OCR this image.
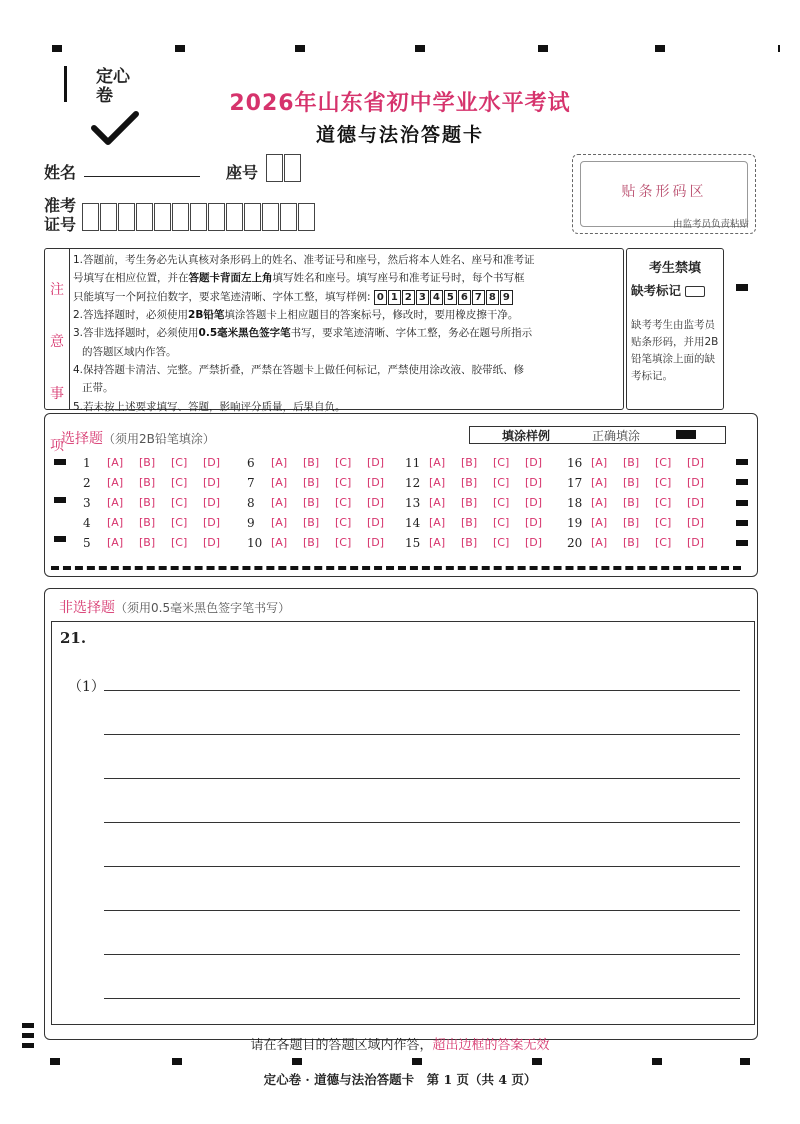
定心卷	2026年山东省初中学业水平考试
道德与法治答题卡
姓名	座号
准考
证号
贴条形码区
由监考员负责粘贴
注
意
事
项
1.答题前，考生务必先认真核对条形码上的姓名、准考证号和座号，然后将本人姓名、座号和准考证
号填写在相应位置，并在答题卡背面左上角填写姓名和座号。填写座号和准考证号时，每个书写框
只能填写一个阿拉伯数字，要求笔迹清晰、字体工整，填写样例: 0 1 2 3 4 5 6 7 8 9
2.答选择题时，必须使用2B铅笔填涂答题卡上相应题目的答案标号，修改时，要用橡皮擦干净。
3.答非选择题时，必须使用0.5毫米黑色签字笔书写，要求笔迹清晰、字体工整，务必在题号所指示
的答题区域内作答。
4.保持答题卡清洁、完整。严禁折叠，严禁在答题卡上做任何标记，严禁使用涂改液、胶带纸、修
正带。
5.若未按上述要求填写、答题，影响评分质量，后果自负。
考生禁填
缺考标记
缺考考生由监考员贴条形码，并用2B铅笔填涂上面的缺考标记。
选择题（须用2B铅笔填涂）	填涂样例	正确填涂
1	[A] [B] [C] [D]
2	[A] [B] [C] [D]
3	[A] [B] [C] [D]
4	[A] [B] [C] [D]
5	[A] [B] [C] [D]
6	[A] [B] [C] [D]
7	[A] [B] [C] [D]
8	[A] [B] [C] [D]
9	[A] [B] [C] [D]
10 [A] [B] [C] [D]
11 [A] [B] [C] [D]
12 [A] [B] [C] [D]
13 [A] [B] [C] [D]
14 [A] [B] [C] [D]
15 [A] [B] [C] [D]
16 [A] [B] [C] [D]
17 [A] [B] [C] [D]
18 [A] [B] [C] [D]
19 [A] [B] [C] [D]
20 [A] [B] [C] [D]
非选择题（须用0.5毫米黑色签字笔书写）
21.
（1）
请在各题目的答题区域内作答，超出边框的答案无效
定心卷 · 道德与法治答题卡　第 1 页（共 4 页）
